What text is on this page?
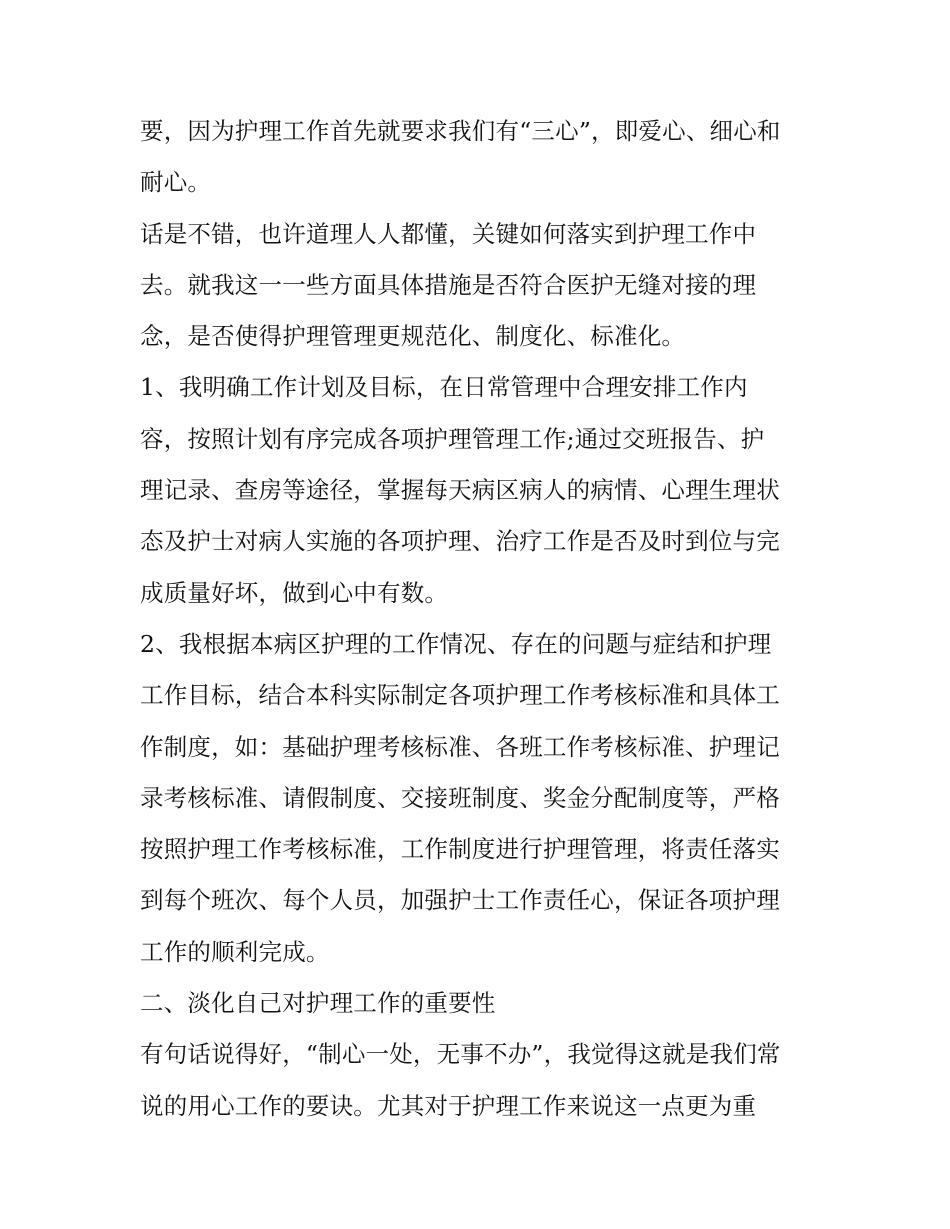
要，因为护理工作首先就要求我们有“三心”，即爱心、细心和
耐心。
话是不错，也许道理人人都懂，关键如何落实到护理工作中
去。就我这一一些方面具体措施是否符合医护无缝对接的理
念，是否使得护理管理更规范化、制度化、标准化。
1、我明确工作计划及目标，在日常管理中合理安排工作内
容，按照计划有序完成各项护理管理工作;通过交班报告、护
理记录、查房等途径，掌握每天病区病人的病情、心理生理状
态及护士对病人实施的各项护理、治疗工作是否及时到位与完
成质量好坏，做到心中有数。
2、我根据本病区护理的工作情况、存在的问题与症结和护理
工作目标，结合本科实际制定各项护理工作考核标准和具体工
作制度，如：基础护理考核标准、各班工作考核标准、护理记
录考核标准、请假制度、交接班制度、奖金分配制度等，严格
按照护理工作考核标准，工作制度进行护理管理，将责任落实
到每个班次、每个人员，加强护士工作责任心，保证各项护理
工作的顺利完成。
二、淡化自己对护理工作的重要性
有句话说得好，“制心一处，无事不办”，我觉得这就是我们常
说的用心工作的要诀。尤其对于护理工作来说这一点更为重
